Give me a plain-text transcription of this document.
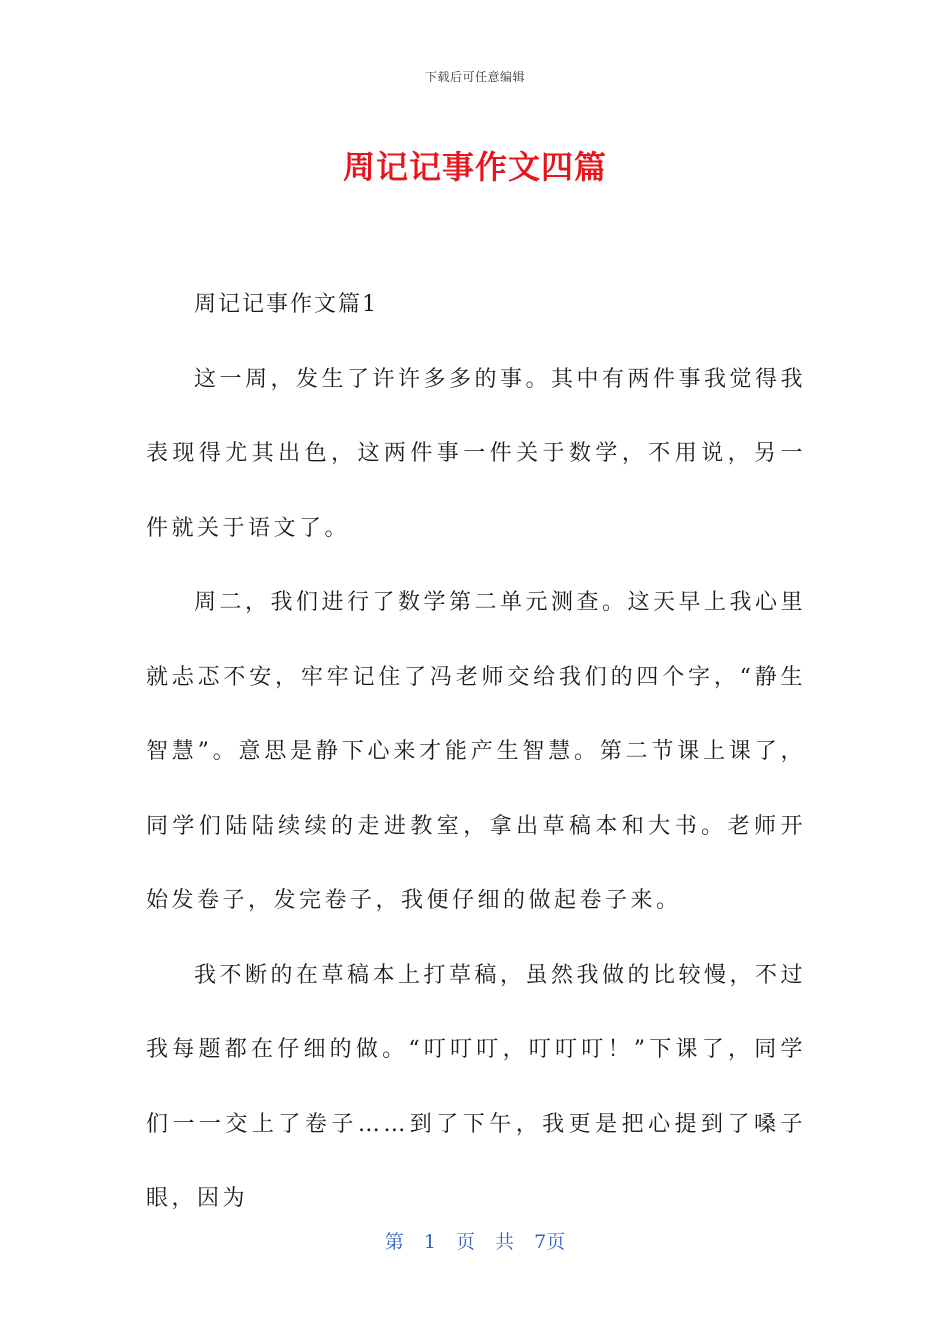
下载后可任意编辑
周记记事作文四篇

周记记事作文篇1

这一周，发生了许许多多的事。其中有两件事我觉得我表现得尤其出色，这两件事一件关于数学，不用说，另一件就关于语文了。

周二，我们进行了数学第二单元测查。这天早上我心里就忐忑不安，牢牢记住了冯老师交给我们的四个字，“静生智慧”。意思是静下心来才能产生智慧。第二节课上课了，同学们陆陆续续的走进教室，拿出草稿本和大书。老师开始发卷子，发完卷子，我便仔细的做起卷子来。

我不断的在草稿本上打草稿，虽然我做的比较慢，不过我每题都在仔细的做。“叮叮叮，叮叮叮！”下课了，同学们一一交上了卷子……到了下午，我更是把心提到了嗓子眼，因为

第 1 页 共 7页
